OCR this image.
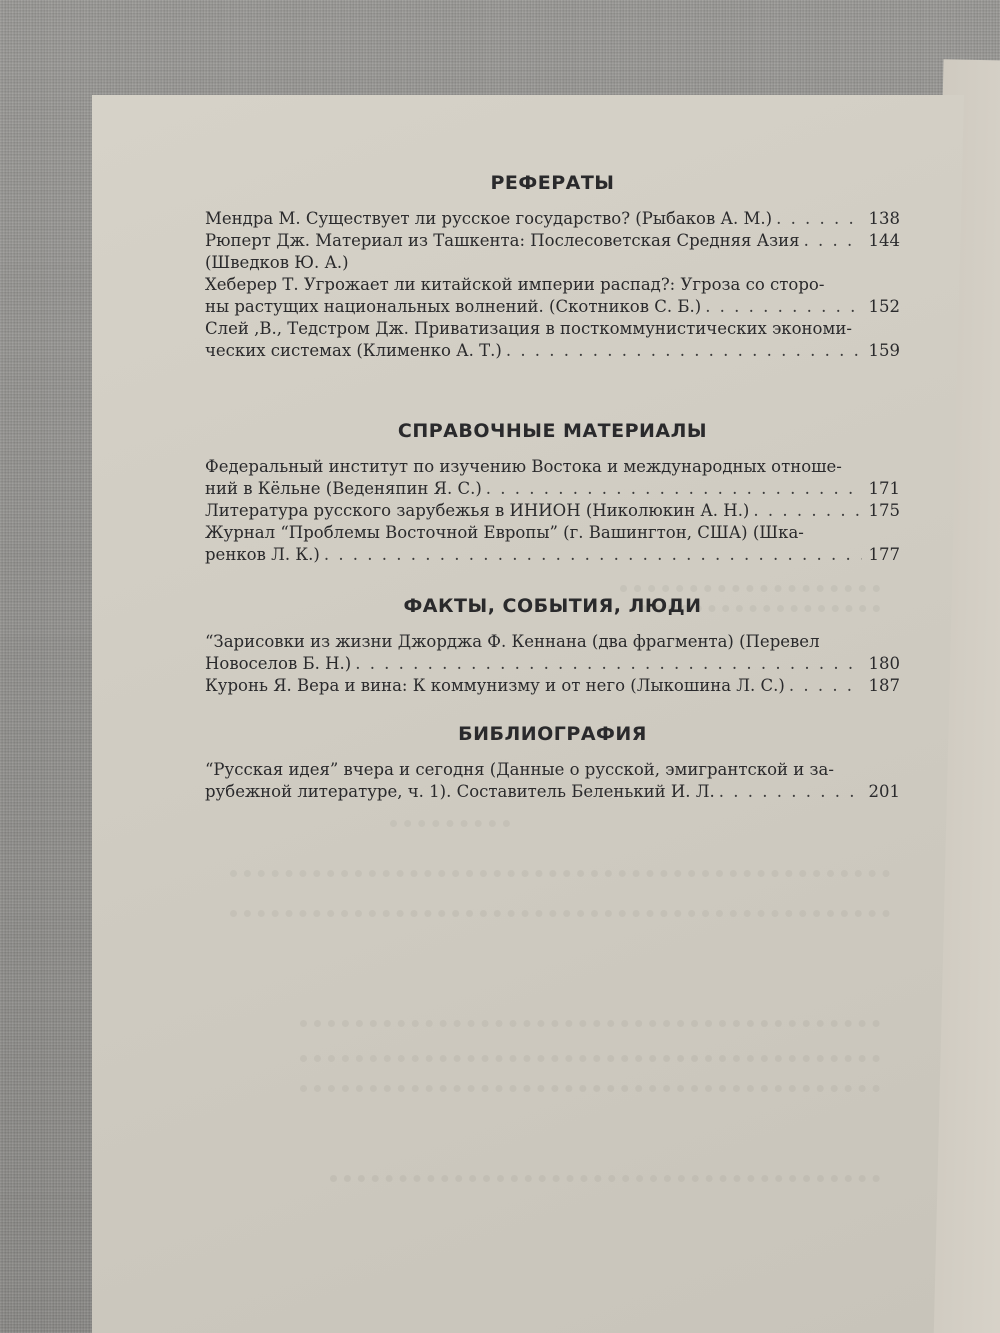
РЕФЕРАТЫ
Мендра М. Существует ли русское государство? (Рыбаков А. М.) . . .	138
Рюперт Дж. Материал из Ташкента: Послесоветская Средняя Азия . . .	144
(Шведков Ю. А.)
Хеберер Т. Угрожает ли китайской империи распад?: Угроза со сторо-
ны растущих национальных волнений. (Скотников С. Б.) . . .	152
Слей ,В., Тедстром Дж. Приватизация в посткоммунистических экономи-
ческих системах (Клименко А. Т.) . . .	159
СПРАВОЧНЫЕ МАТЕРИАЛЫ
Федеральный институт по изучению Востока и международных отноше-
ний в Кёльне (Веденяпин Я. С.) . . .	171
Литература русского зарубежья в ИНИОН (Николюкин А. Н.) . . .	175
Журнал “Проблемы Восточной Европы” (г. Вашингтон, США) (Шка-
ренков Л. К.) . . .	177
ФАКТЫ, СОБЫТИЯ, ЛЮДИ
“Зарисовки из жизни Джорджа Ф. Кеннана (два фрагмента) (Перевел
Новоселов Б. Н.) . . .	180
Куронь Я. Вера и вина: К коммунизму и от него (Лыкошина Л. С.) . . .	187
БИБЛИОГРАФИЯ
“Русская идея” вчера и сегодня (Данные о русской, эмигрантской и за-
рубежной литературе, ч. 1). Составитель Беленький И. Л. . . .	201
